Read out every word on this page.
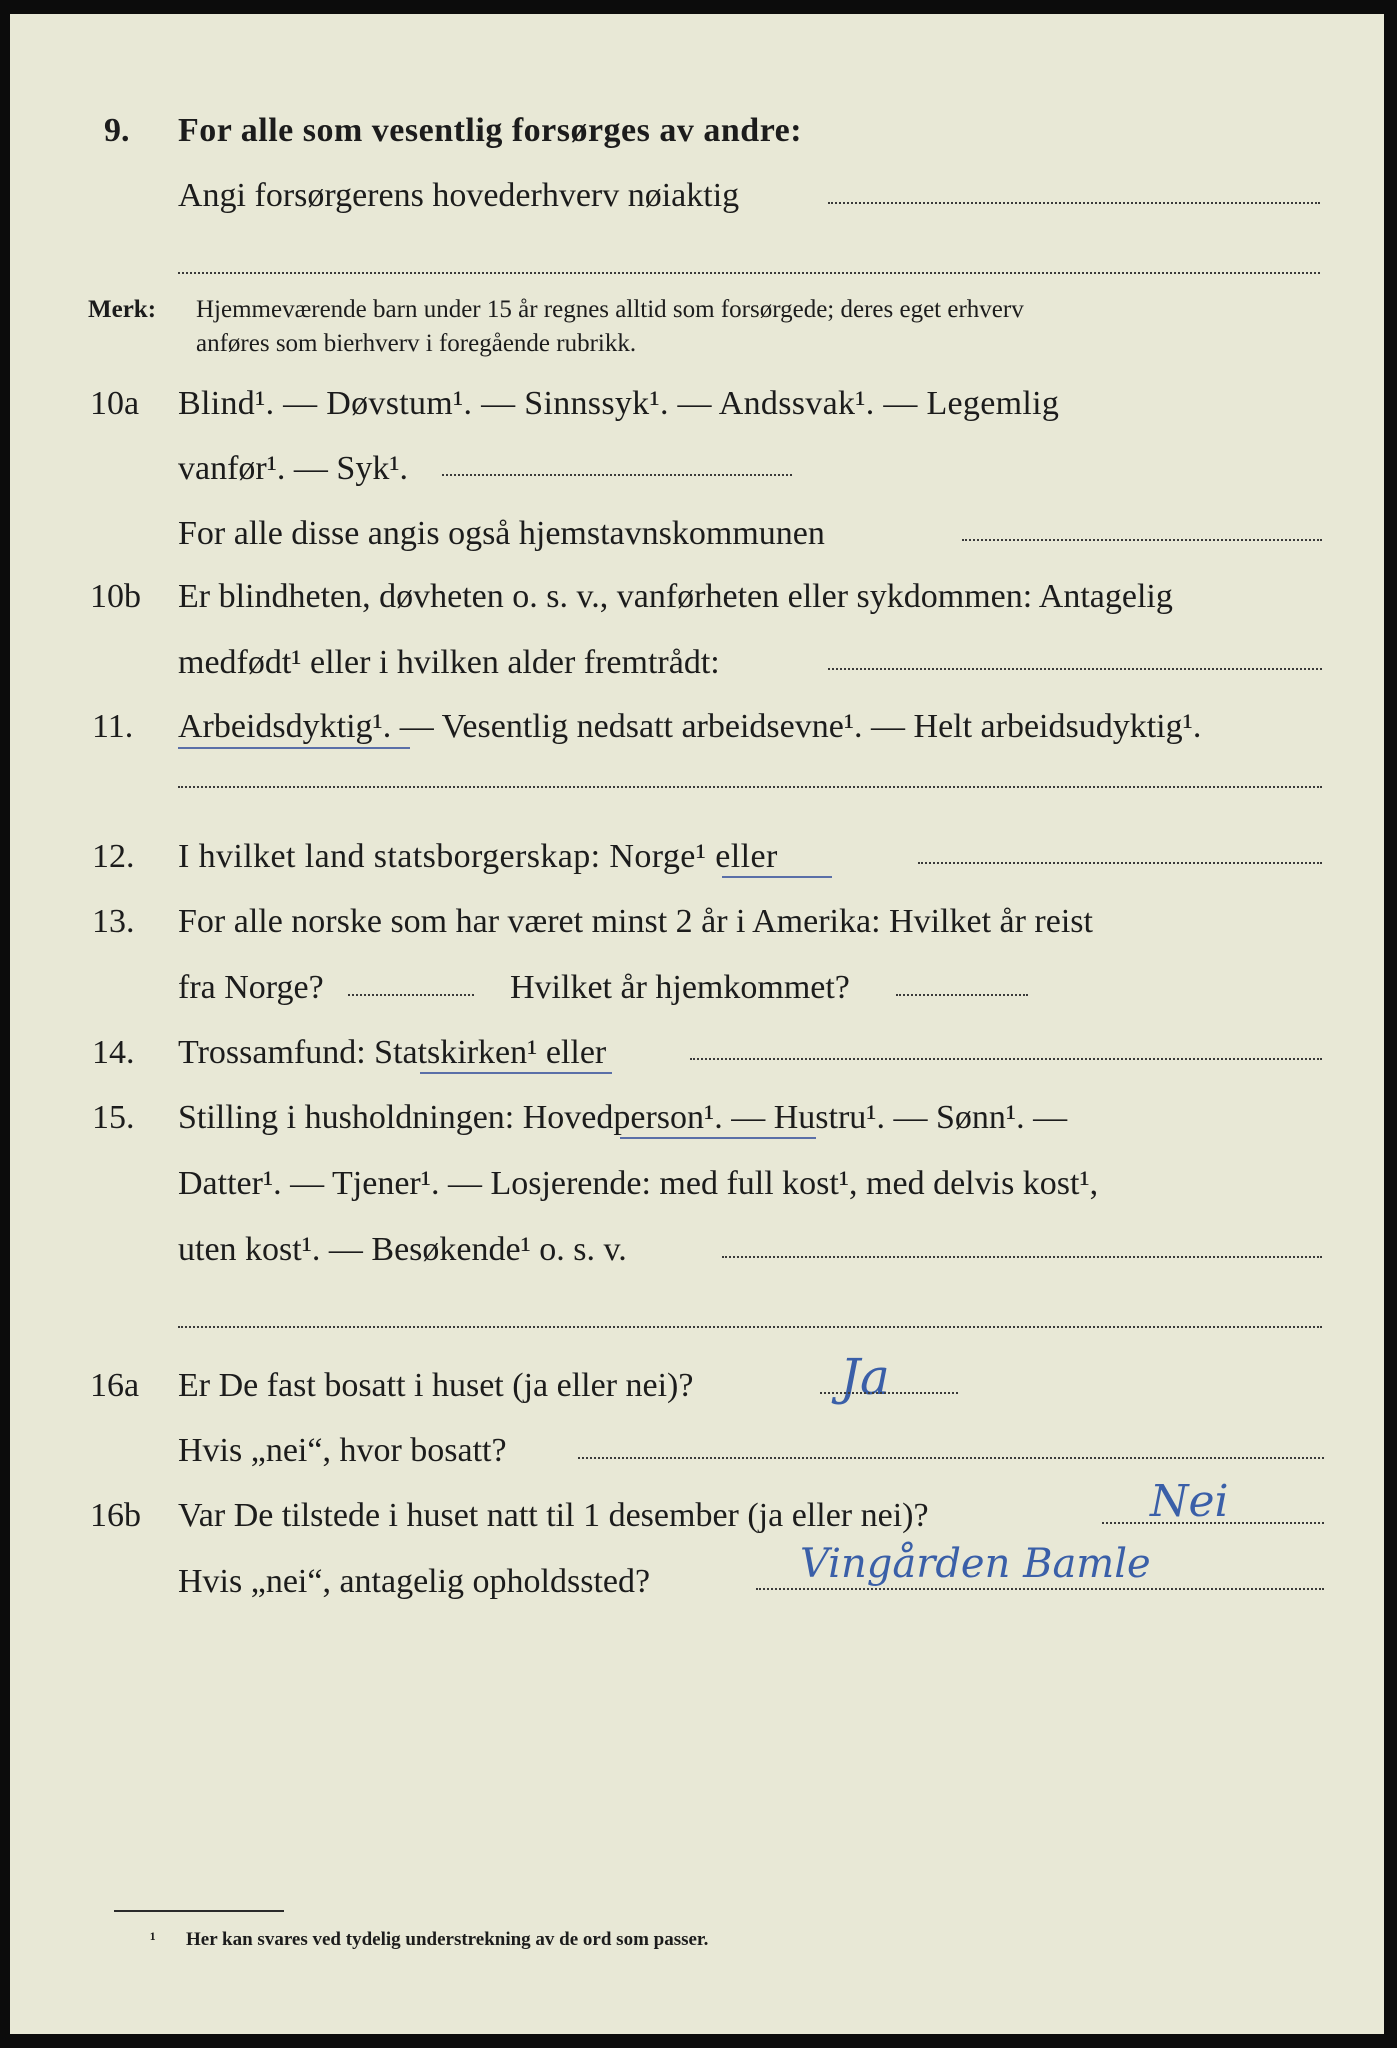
9. For alle som vesentlig forsørges av andre:
Angi forsørgerens hovederhverv nøiaktig
Merk: Hjemmeværende barn under 15 år regnes alltid som forsørgede; deres eget erhverv
anføres som bierhverv i foregående rubrikk.
10a Blind¹. — Døvstum¹. — Sinnssyk¹. — Andssvak¹. — Legemlig
vanfør¹. — Syk¹.
For alle disse angis også hjemstavnskommunen
10b Er blindheten, døvheten o. s. v., vanførheten eller sykdommen: Antagelig
medfødt¹ eller i hvilken alder fremtrådt:
11. Arbeidsdyktig¹. — Vesentlig nedsatt arbeidsevne¹. — Helt arbeidsudyktig¹.
12. I hvilket land statsborgerskap: Norge¹ eller
13. For alle norske som har været minst 2 år i Amerika: Hvilket år reist
fra Norge?	Hvilket år hjemkommet?
14. Trossamfund: Statskirken¹ eller
15. Stilling i husholdningen: Hovedperson¹. — Hustru¹. — Sønn¹. —
Datter¹. — Tjener¹. — Losjerende: med full kost¹, med delvis kost¹,
uten kost¹. — Besøkende¹ o. s. v.
16a Er De fast bosatt i huset (ja eller nei)?	Ja
Hvis „nei“, hvor bosatt?
16b Var De tilstede i huset natt til 1 desember (ja eller nei)?	Nei
Hvis „nei“, antagelig opholdssted?	Vingården Bamle
¹ Her kan svares ved tydelig understrekning av de ord som passer.
